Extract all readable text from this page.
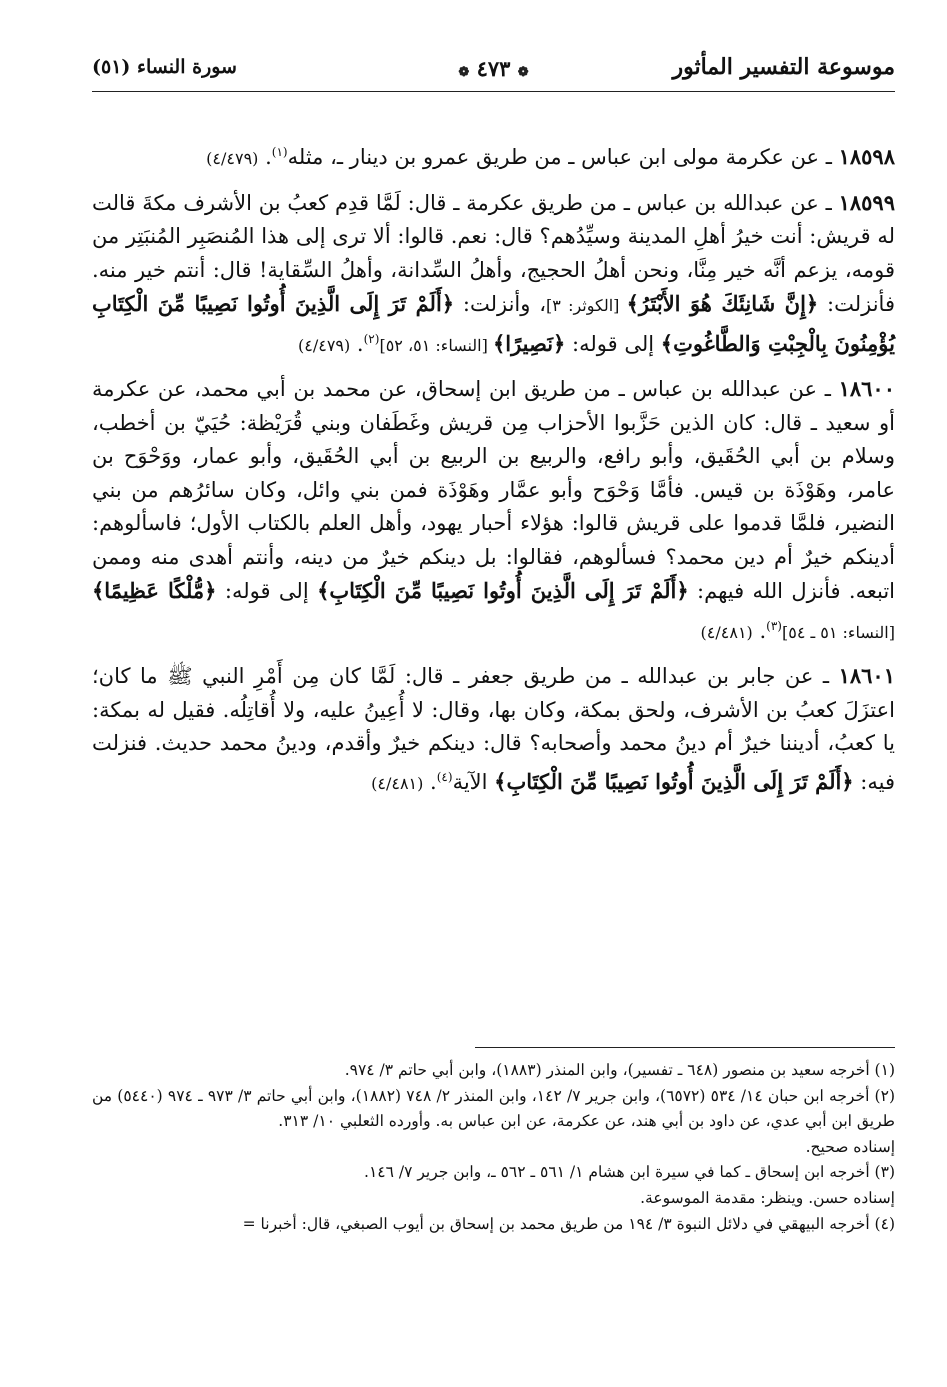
موسوعة التفسير المأثور
❁ ٤٧٣ ❁
سورة النساء (٥١)

١٨٥٩٨ ـ عن عكرمة مولى ابن عباس ـ من طريق عمرو بن دينار ـ، مثله$^{(١)}$. (٤/٤٧٩)

١٨٥٩٩ ـ عن عبدالله بن عباس ـ من طريق عكرمة ـ قال: لَمَّا قدِم كعبُ بن الأشرف مكةَ قالت له قريش: أنت خيرُ أهلِ المدينة وسيِّدُهم؟ قال: نعم. قالوا: ألا ترى إلى هذا المُنصَبِر المُنبَتِر من قومه، يزعم أنَّه خير مِنَّا، ونحن أهلُ الحجيج، وأهلُ السِّدانة، وأهلُ السِّقاية! قال: أنتم خير منه. فأنزلت: ﴿إِنَّ شَانِئَكَ هُوَ الأَبْتَرُ﴾ [الكوثر: ٣]، وأنزلت: ﴿أَلَمْ تَرَ إِلَى الَّذِينَ أُوتُوا نَصِيبًا مِّنَ الْكِتَابِ يُؤْمِنُونَ بِالْجِبْتِ وَالطَّاغُوتِ﴾ إلى قوله: ﴿نَصِيرًا﴾ [النساء: ٥١، ٥٢]$^{(٢)}$. (٤/٤٧٩)

١٨٦٠٠ ـ عن عبدالله بن عباس ـ من طريق ابن إسحاق، عن محمد بن أبي محمد، عن عكرمة أو سعيد ـ قال: كان الذين حَزَّبوا الأحزاب مِن قريش وغَطَفان وبني قُرَيْظة: حُيَيّ بن أخطب، وسلام بن أبي الحُقَيق، وأبو رافع، والربيع بن الربيع بن أبي الحُقَيق، وأبو عمار، ووَحْوَح بن عامر، وهَوْذَة بن قيس. فأمَّا وَحْوَح وأبو عمَّار وهَوْذَة فمن بني وائل، وكان سائرُهم من بني النضير، فلمَّا قدموا على قريش قالوا: هؤلاء أحبار يهود، وأهل العلم بالكتاب الأول؛ فاسألوهم: أدينكم خيرٌ أم دين محمد؟ فسألوهم، فقالوا: بل دينكم خيرٌ من دينه، وأنتم أهدى منه وممن اتبعه. فأنزل الله فيهم: ﴿أَلَمْ تَرَ إِلَى الَّذِينَ أُوتُوا نَصِيبًا مِّنَ الْكِتَابِ﴾ إلى قوله: ﴿مُّلْكًا عَظِيمًا﴾ [النساء: ٥١ ـ ٥٤]$^{(٣)}$. (٤/٤٨١)

١٨٦٠١ ـ عن جابر بن عبدالله ـ من طريق جعفر ـ قال: لَمَّا كان مِن أَمْرِ النبي ﷺ ما كان؛ اعتزَلَ كعبُ بن الأشرف، ولحق بمكة، وكان بها، وقال: لا أُعِينُ عليه، ولا أُقاتِلُه. فقيل له بمكة: يا كعبُ، أديننا خيرٌ أم دينُ محمد وأصحابه؟ قال: دينكم خيرٌ وأقدم، ودينُ محمد حديث. فنزلت فيه: ﴿أَلَمْ تَرَ إِلَى الَّذِينَ أُوتُوا نَصِيبًا مِّنَ الْكِتَابِ﴾ الآية$^{(٤)}$. (٤/٤٨١)

(١) أخرجه سعيد بن منصور (٦٤٨ ـ تفسير)، وابن المنذر (١٨٨٣)، وابن أبي حاتم ٣/ ٩٧٤.

(٢) أخرجه ابن حبان ١٤/ ٥٣٤ (٦٥٧٢)، وابن جرير ٧/ ١٤٢، وابن المنذر ٢/ ٧٤٨ (١٨٨٢)، وابن أبي حاتم ٣/ ٩٧٣ ـ ٩٧٤ (٥٤٤٠) من طريق ابن أبي عدي، عن داود بن أبي هند، عن عكرمة، عن ابن عباس به. وأورده الثعلبي ١٠/ ٣١٣.

إسناده صحيح.

(٣) أخرجه ابن إسحاق ـ كما في سيرة ابن هشام ١/ ٥٦١ ـ ٥٦٢ ـ، وابن جرير ٧/ ١٤٦.

إسناده حسن. وينظر: مقدمة الموسوعة.

(٤) أخرجه البيهقي في دلائل النبوة ٣/ ١٩٤ من طريق محمد بن إسحاق بن أيوب الصبغي، قال: أخبرنا =
